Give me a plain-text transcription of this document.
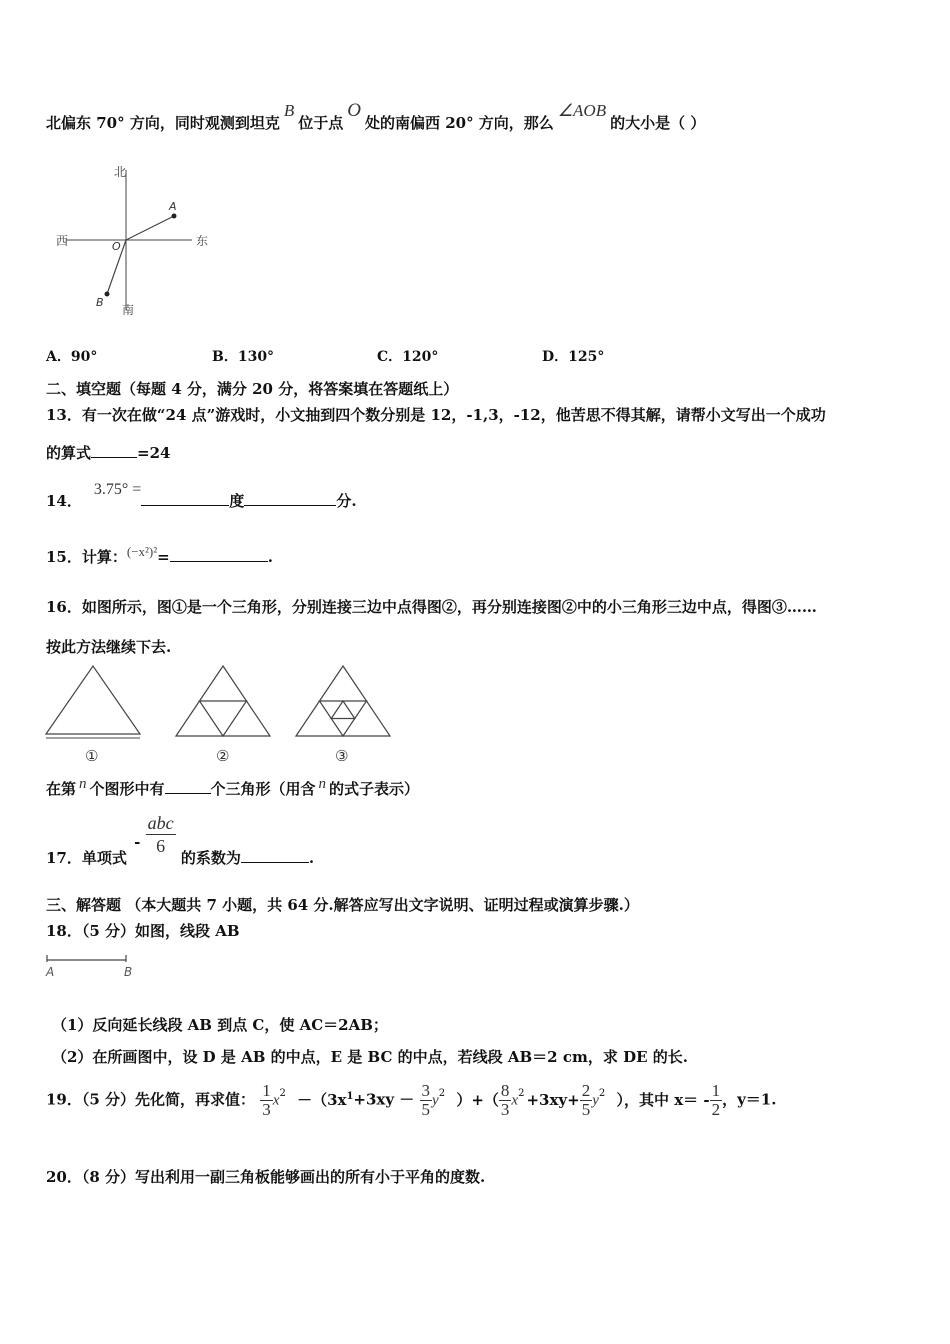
北偏东 70° 方向，同时观测到坦克B位于点O处的南偏西 20° 方向，那么∠AOB的大小是（ ）
北
南
西	东
A
B
O
A．90°	B．130°	C．120°	D．125°
二、填空题（每题 4 分，满分 20 分，将答案填在答题纸上）
13．有一次在做“24 点”游戏时，小文抽到四个数分别是 12，-1,3，-12，他苦思不得其解，请帮小文写出一个成功
的算式	=24
14．3.75° =度	分.
15．计算：(−x²)²=	.
16．如图所示，图①是一个三角形，分别连接三边中点得图②，再分别连接图②中的小三角形三边中点，得图③……
按此方法继续下去.
①	②	③
在第 n 个图形中有	个三角形（用含 n 的式子表示）
17．单项式 - $\frac{\text{abc}}{6}$
的系数为	.
三、解答题 （本大题共 7 小题，共 64 分.解答应写出文字说明、证明过程或演算步骤.）
18．（5 分）如图，线段 AB
A	B
（1）反向延长线段 AB 到点 C，使 AC＝2AB；
（2）在所画图中，设 D 是 AB 的中点，E 是 BC 的中点，若线段 AB＝2 cm，求 DE 的长.
19．（5 分）先化简，再求值： $\frac{1}{3} x^2 -(3x^1+3xy - \frac{3}{5} y^2$ ）+（ $\frac{8}{3} x^2 +3xy+ \frac{2}{5} y^2$ ），其中 $x= - \frac{1}{2}$ ，y＝1.
20．（8 分）写出利用一副三角板能够画出的所有小于平角的度数.
